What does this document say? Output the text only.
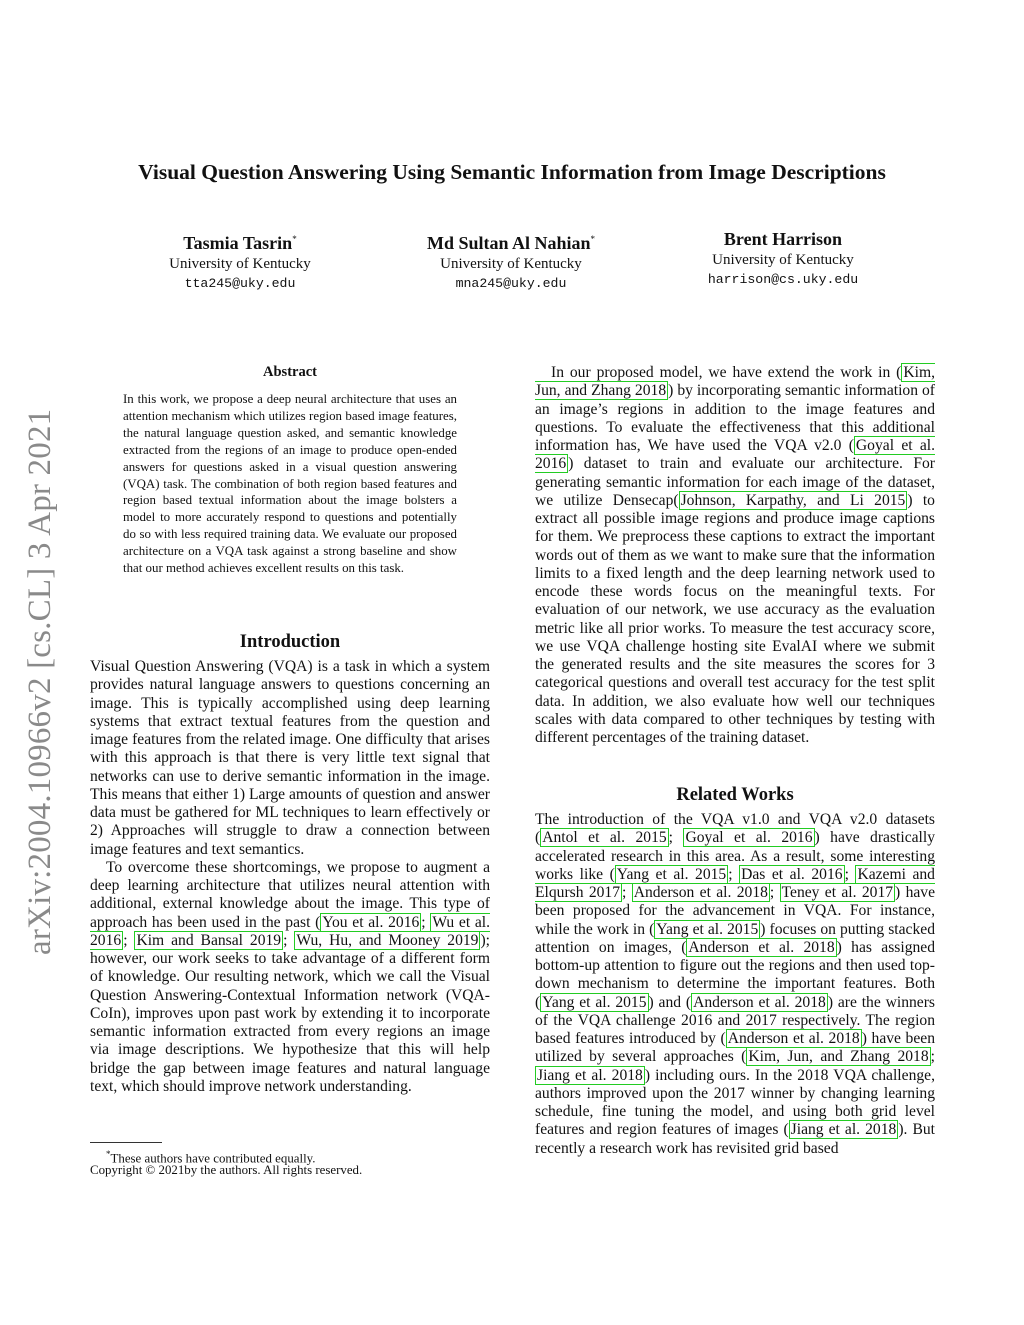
Visual Question Answering Using Semantic Information from Image Descriptions
Tasmia Tasrin*
University of Kentucky
tta245@uky.edu
Md Sultan Al Nahian*
University of Kentucky
mna245@uky.edu
Brent Harrison
University of Kentucky
harrison@cs.uky.edu
arXiv:2004.10966v2 [cs.CL] 3 Apr 2021
Abstract
In this work, we propose a deep neural architecture that uses an attention mechanism which utilizes region based image features, the natural language question asked, and semantic knowledge extracted from the regions of an image to produce open-ended answers for questions asked in a visual question answering (VQA) task. The combination of both region based features and region based textual information about the image bolsters a model to more accurately respond to questions and potentially do so with less required training data. We evaluate our proposed architecture on a VQA task against a strong baseline and show that our method achieves excellent results on this task.
Introduction

Visual Question Answering (VQA) is a task in which a system provides natural language answers to questions concerning an image. This is typically accomplished using deep learning systems that extract textual features from the question and image features from the related image. One difficulty that arises with this approach is that there is very little text signal that networks can use to derive semantic information in the image. This means that either 1) Large amounts of question and answer data must be gathered for ML techniques to learn effectively or 2) Approaches will struggle to draw a connection between image features and text semantics.

To overcome these shortcomings, we propose to augment a deep learning architecture that utilizes neural attention with additional, external knowledge about the image. This type of approach has been used in the past ( You et al. 2016 ; Wu et al. 2016 ; Kim and Bansal 2019 ; Wu, Hu, and Mooney 2019 ); however, our work seeks to take advantage of a different form of knowledge. Our resulting network, which we call the Visual Question Answering-Contextual Information network (VQA-CoIn), improves upon past work by extending it to incorporate semantic information extracted from every regions an image via image descriptions. We hypothesize that this will help bridge the gap between image features and natural language text, which should improve network understanding.

*These authors have contributed equally.
Copyright © 2021by the authors. All rights reserved.

In our proposed model, we have extend the work in ( Kim, Jun, and Zhang 2018 ) by incorporating semantic information of an image’s regions in addition to the image features and questions. To evaluate the effectiveness that this additional information has, We have used the VQA v2.0 ( Goyal et al. 2016 ) dataset to train and evaluate our architecture. For generating semantic information for each image of the dataset, we utilize Densecap( Johnson, Karpathy, and Li 2015 ) to extract all possible image regions and produce image captions for them. We preprocess these captions to extract the important words out of them as we want to make sure that the information limits to a fixed length and the deep learning network used to encode these words focus on the meaningful texts. For evaluation of our network, we use accuracy as the evaluation metric like all prior works. To measure the test accuracy score, we use VQA challenge hosting site EvalAI where we submit the generated results and the site measures the scores for 3 categorical questions and overall test accuracy for the test split data. In addition, we also evaluate how well our techniques scales with data compared to other techniques by testing with different percentages of the training dataset.

Related Works

The introduction of the VQA v1.0 and VQA v2.0 datasets ( Antol et al. 2015 ; Goyal et al. 2016 ) have drastically accelerated research in this area. As a result, some interesting works like ( Yang et al. 2015 ; Das et al. 2016 ; Kazemi and Elqursh 2017 ; Anderson et al. 2018 ; Teney et al. 2017 ) have been proposed for the advancement in VQA. For instance, while the work in ( Yang et al. 2015 ) focuses on putting stacked attention on images, ( Anderson et al. 2018 ) has assigned bottom-up attention to figure out the regions and then used top-down mechanism to determine the important features. Both ( Yang et al. 2015 ) and ( Anderson et al. 2018 ) are the winners of the VQA challenge 2016 and 2017 respectively. The region based features introduced by ( Anderson et al. 2018 ) have been utilized by several approaches ( Kim, Jun, and Zhang 2018 ; Jiang et al. 2018 ) including ours. In the 2018 VQA challenge, authors improved upon the 2017 winner by changing learning schedule, fine tuning the model, and using both grid level features and region features of images ( Jiang et al. 2018 ). But recently a research work has revisited grid based
